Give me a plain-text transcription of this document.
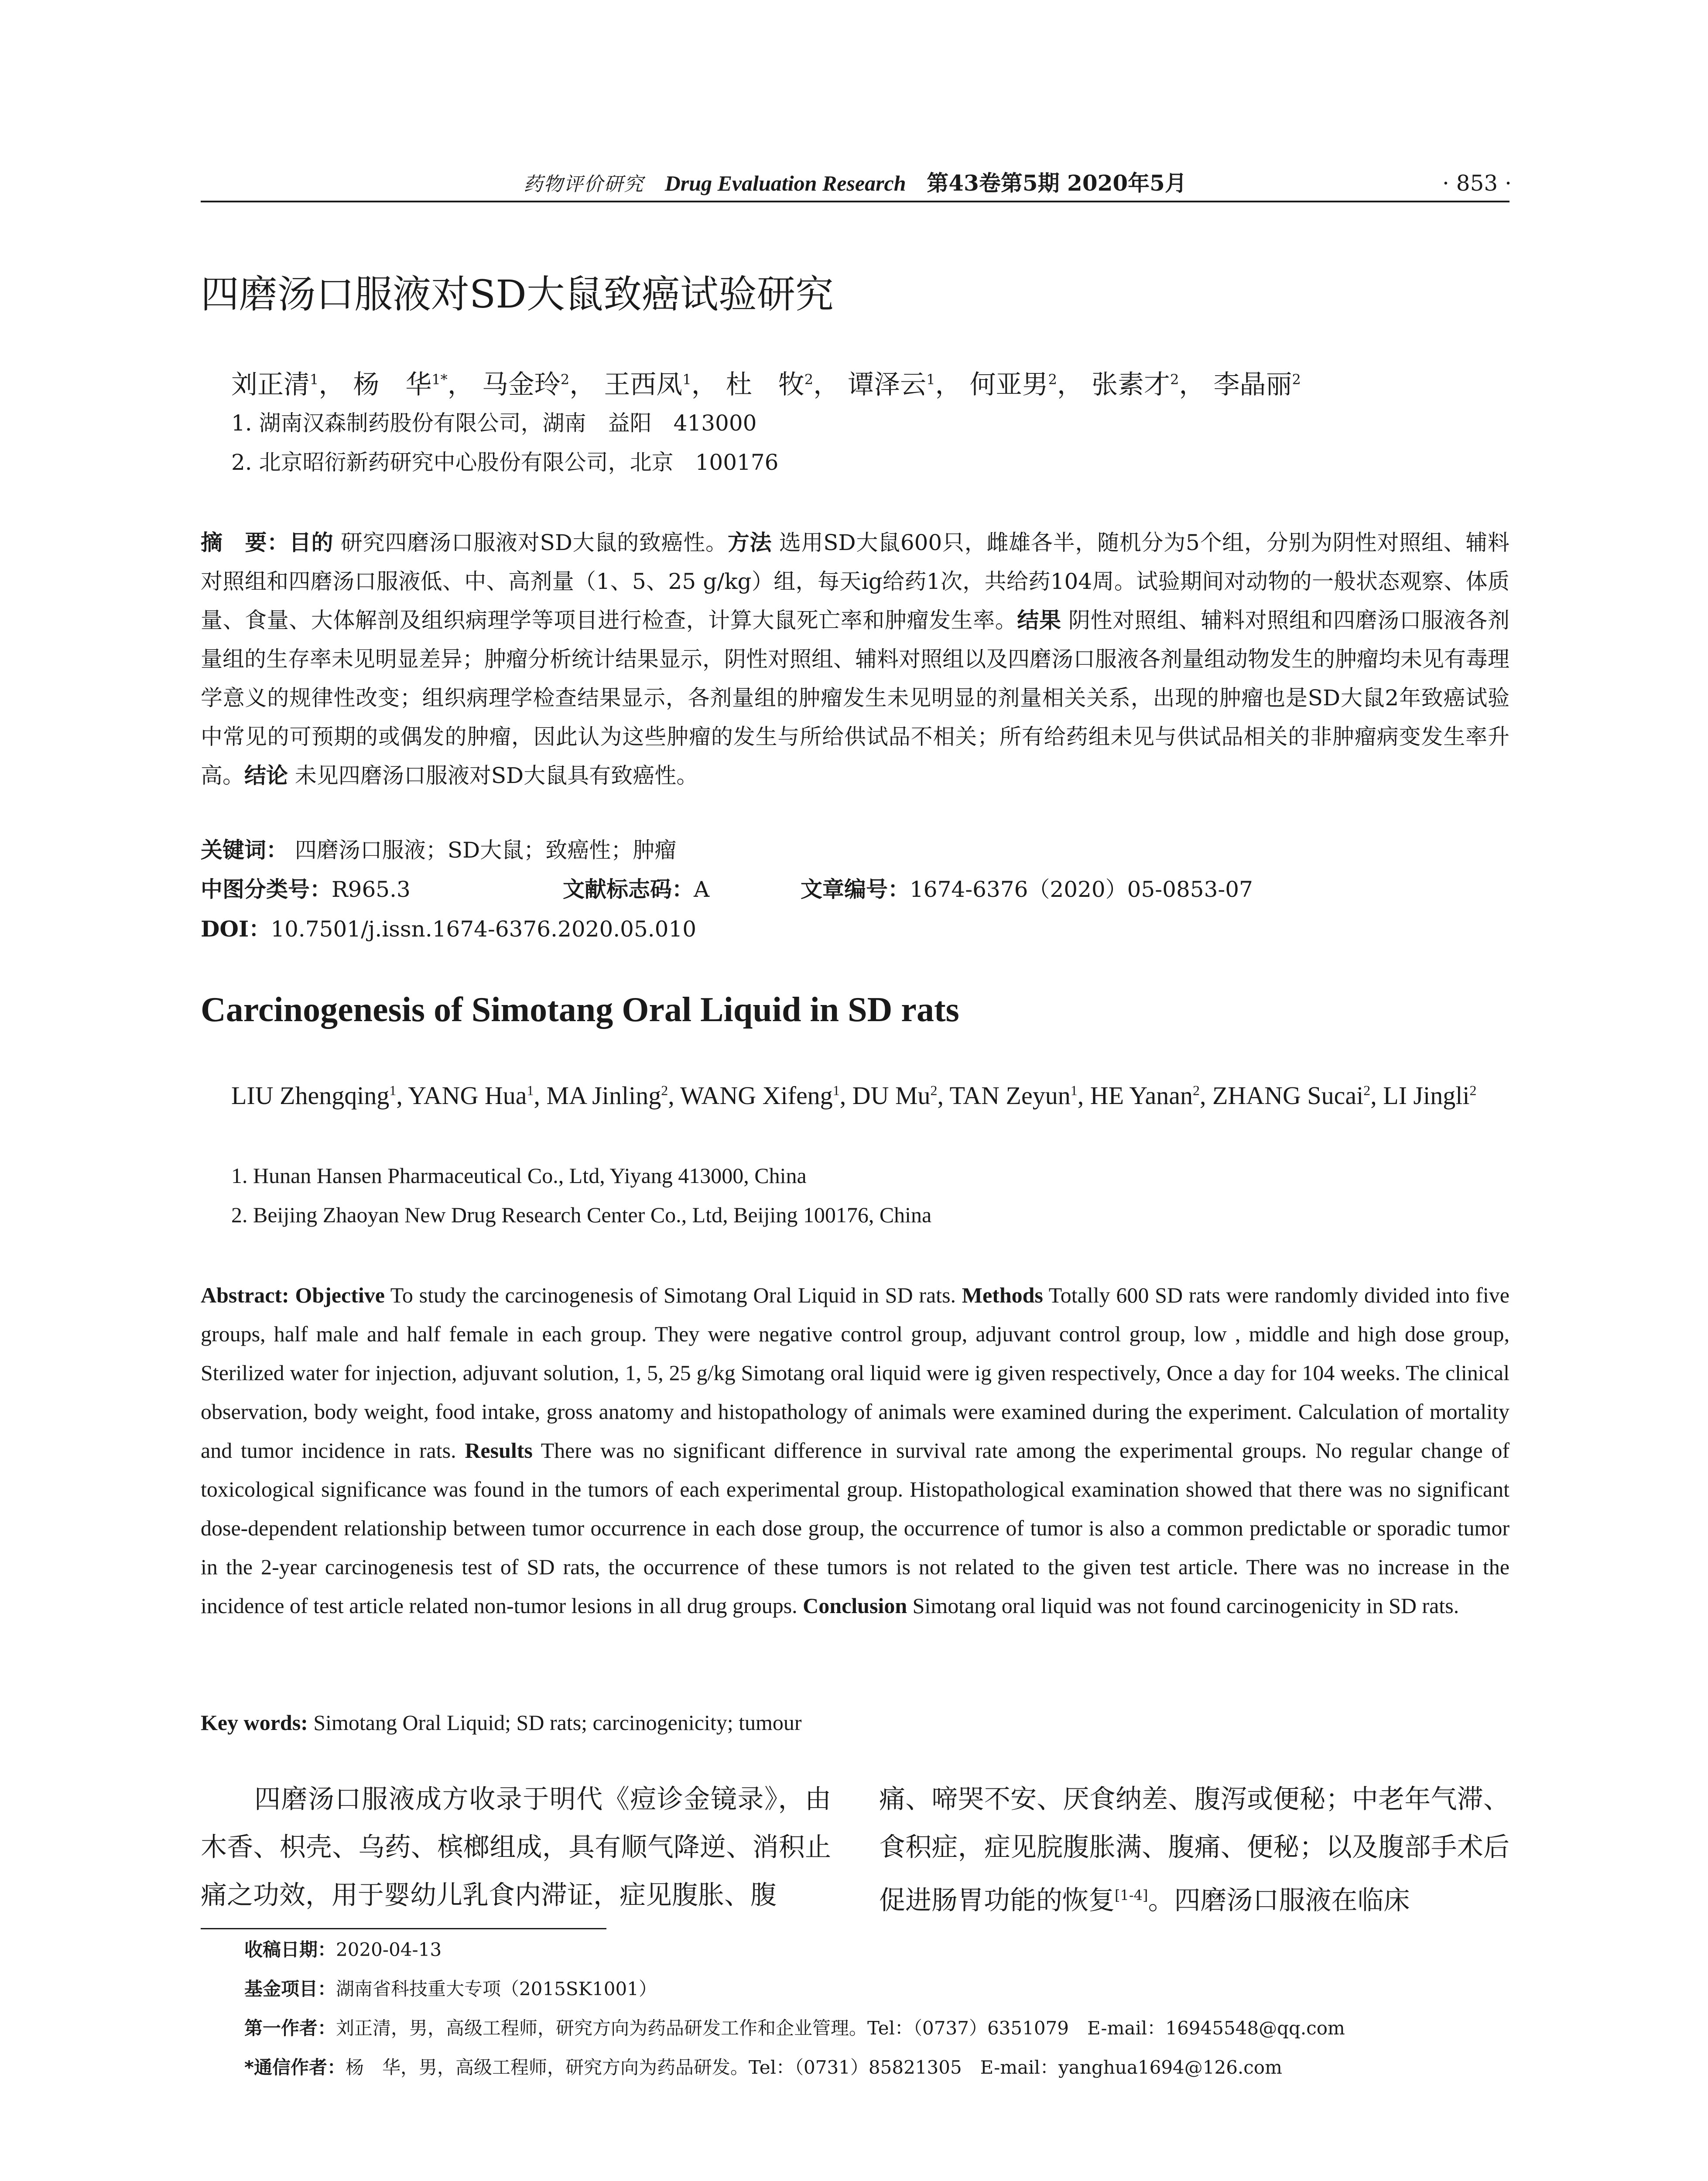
药物评价研究 Drug Evaluation Research 第43卷第5期 2020年5月	· 853 ·
四磨汤口服液对SD大鼠致癌试验研究
刘正清$^1$， 杨　华$^{1*}$， 马金玲$^2$， 王西凤$^1$， 杜　牧$^2$， 谭泽云$^1$， 何亚男$^2$， 张素才$^2$， 李晶丽$^2$
1. 湖南汉森制药股份有限公司，湖南　益阳　413000
2. 北京昭衍新药研究中心股份有限公司，北京　100176
摘　要：目的 研究四磨汤口服液对SD大鼠的致癌性。方法 选用SD大鼠600只，雌雄各半，随机分为5个组，分别为阴性对照组、辅料对照组和四磨汤口服液低、中、高剂量（1、5、25 g/kg）组，每天ig给药1次，共给药104周。试验期间对动物的一般状态观察、体质量、食量、大体解剖及组织病理学等项目进行检查，计算大鼠死亡率和肿瘤发生率。结果 阴性对照组、辅料对照组和四磨汤口服液各剂量组的生存率未见明显差异；肿瘤分析统计结果显示，阴性对照组、辅料对照组以及四磨汤口服液各剂量组动物发生的肿瘤均未见有毒理学意义的规律性改变；组织病理学检查结果显示，各剂量组的肿瘤发生未见明显的剂量相关关系，出现的肿瘤也是SD大鼠2年致癌试验中常见的可预期的或偶发的肿瘤，因此认为这些肿瘤的发生与所给供试品不相关；所有给药组未见与供试品相关的非肿瘤病变发生率升高。结论 未见四磨汤口服液对SD大鼠具有致癌性。
关键词： 四磨汤口服液；SD大鼠；致癌性；肿瘤
中图分类号：R965.3	文献标志码：A	文章编号：1674-6376（2020）05-0853-07
DOI：10.7501/j.issn.1674-6376.2020.05.010
Carcinogenesis of Simotang Oral Liquid in SD rats
LIU Zhengqing$^1$, YANG Hua$^1$, MA Jinling$^2$, WANG Xifeng$^1$, DU Mu$^2$, TAN Zeyun$^1$, HE Yanan$^2$, ZHANG Sucai$^2$, LI Jingli$^2$
1. Hunan Hansen Pharmaceutical Co., Ltd, Yiyang 413000, China
2. Beijing Zhaoyan New Drug Research Center Co., Ltd, Beijing 100176, China
Abstract: Objective To study the carcinogenesis of Simotang Oral Liquid in SD rats. Methods Totally 600 SD rats were randomly divided into five groups, half male and half female in each group. They were negative control group, adjuvant control group, low , middle and high dose group, Sterilized water for injection, adjuvant solution, 1, 5, 25 g/kg Simotang oral liquid were ig given respectively, Once a day for 104 weeks. The clinical observation, body weight, food intake, gross anatomy and histopathology of animals were examined during the experiment. Calculation of mortality and tumor incidence in rats. Results There was no significant difference in survival rate among the experimental groups. No regular change of toxicological significance was found in the tumors of each experimental group. Histopathological examination showed that there was no significant dose-dependent relationship between tumor occurrence in each dose group, the occurrence of tumor is also a common predictable or sporadic tumor in the 2-year carcinogenesis test of SD rats, the occurrence of these tumors is not related to the given test article. There was no increase in the incidence of test article related non-tumor lesions in all drug groups. Conclusion Simotang oral liquid was not found carcinogenicity in SD rats.
Key words: Simotang Oral Liquid; SD rats; carcinogenicity; tumour
　　四磨汤口服液成方收录于明代《痘诊金镜录》，由木香、枳壳、乌药、槟榔组成，具有顺气降逆、消积止痛之功效，用于婴幼儿乳食内滞证，症见腹胀、腹
痛、啼哭不安、厌食纳差、腹泻或便秘；中老年气滞、食积症，症见脘腹胀满、腹痛、便秘；以及腹部手术后促进肠胃功能的恢复[1-4]。四磨汤口服液在临床
收稿日期：2020-04-13
基金项目：湖南省科技重大专项（2015SK1001）
第一作者：刘正清，男，高级工程师，研究方向为药品研发工作和企业管理。Tel：（0737）6351079　E-mail：16945548@qq.com
*通信作者：杨　华，男，高级工程师，研究方向为药品研发。Tel：（0731）85821305　E-mail：yanghua1694@126.com
